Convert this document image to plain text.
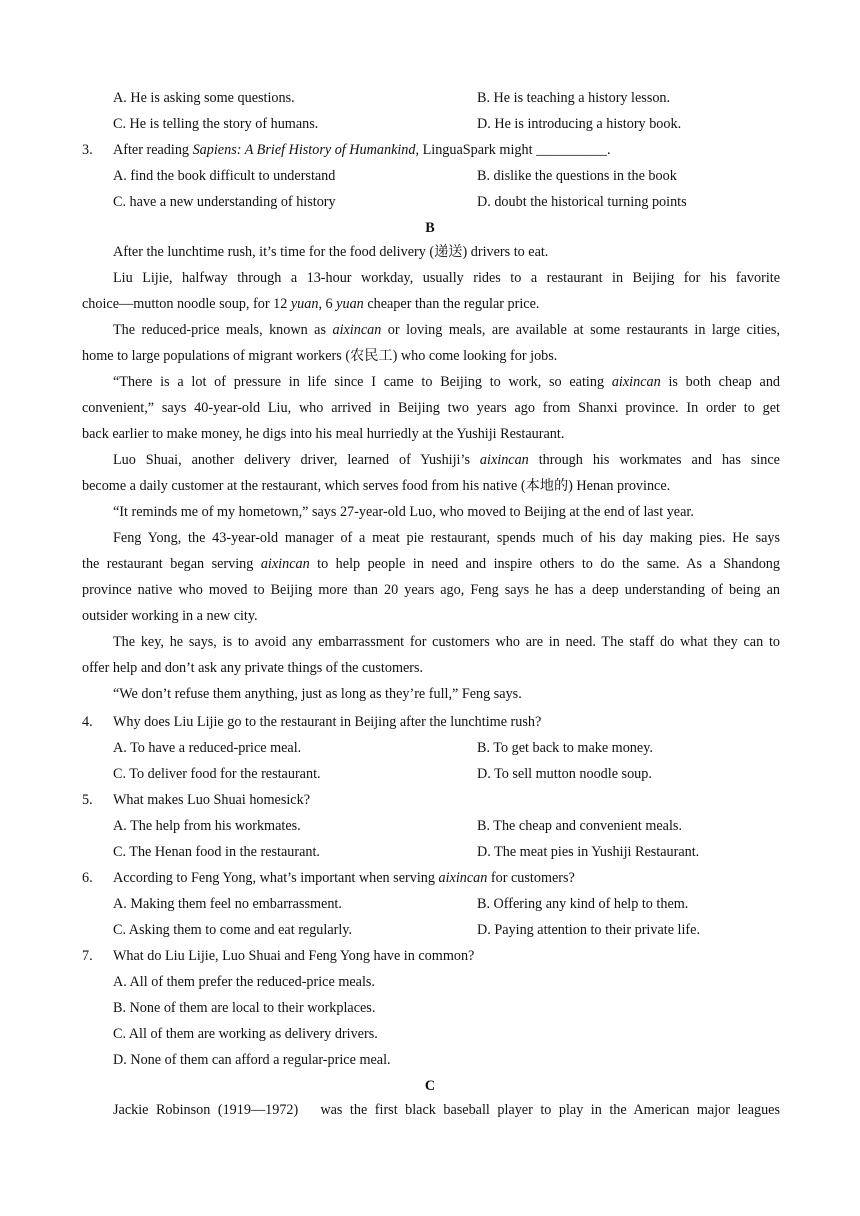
A. He is asking some questions.	B. He is teaching a history lesson.
C. He is telling the story of humans.	D. He is introducing a history book.
3. After reading Sapiens: A Brief History of Humankind, LinguaSpark might __________.
A. find the book difficult to understand	B. dislike the questions in the book
C. have a new understanding of history	D. doubt the historical turning points
B
After the lunchtime rush, it’s time for the food delivery (递送) drivers to eat.
Liu Lijie, halfway through a 13-hour workday, usually rides to a restaurant in Beijing for his favorite
choice—mutton noodle soup, for 12 yuan, 6 yuan cheaper than the regular price.
The reduced-price meals, known as aixincan or loving meals, are available at some restaurants in large cities,
home to large populations of migrant workers (农民工) who come looking for jobs.
“There is a lot of pressure in life since I came to Beijing to work, so eating aixincan is both cheap and
convenient,” says 40-year-old Liu, who arrived in Beijing two years ago from Shanxi province. In order to get
back earlier to make money, he digs into his meal hurriedly at the Yushiji Restaurant.
Luo Shuai, another delivery driver, learned of Yushiji’s aixincan through his workmates and has since
become a daily customer at the restaurant, which serves food from his native (本地的) Henan province.
“It reminds me of my hometown,” says 27-year-old Luo, who moved to Beijing at the end of last year.
Feng Yong, the 43-year-old manager of a meat pie restaurant, spends much of his day making pies. He says
the restaurant began serving aixincan to help people in need and inspire others to do the same. As a Shandong
province native who moved to Beijing more than 20 years ago, Feng says he has a deep understanding of being an
outsider working in a new city.
The key, he says, is to avoid any embarrassment for customers who are in need. The staff do what they can to
offer help and don’t ask any private things of the customers.
“We don’t refuse them anything, just as long as they’re full,” Feng says.
4. Why does Liu Lijie go to the restaurant in Beijing after the lunchtime rush?
A. To have a reduced-price meal.	B. To get back to make money.
C. To deliver food for the restaurant.	D. To sell mutton noodle soup.
5. What makes Luo Shuai homesick?
A. The help from his workmates.	B. The cheap and convenient meals.
C. The Henan food in the restaurant.	D. The meat pies in Yushiji Restaurant.
6. According to Feng Yong, what’s important when serving aixincan for customers?
A. Making them feel no embarrassment.	B. Offering any kind of help to them.
C. Asking them to come and eat regularly.	D. Paying attention to their private life.
7. What do Liu Lijie, Luo Shuai and Feng Yong have in common?
A. All of them prefer the reduced-price meals.
B. None of them are local to their workplaces.
C. All of them are working as delivery drivers.
D. None of them can afford a regular-price meal.
C
Jackie Robinson (1919—1972)　was the first black baseball player to play in the American major leagues
